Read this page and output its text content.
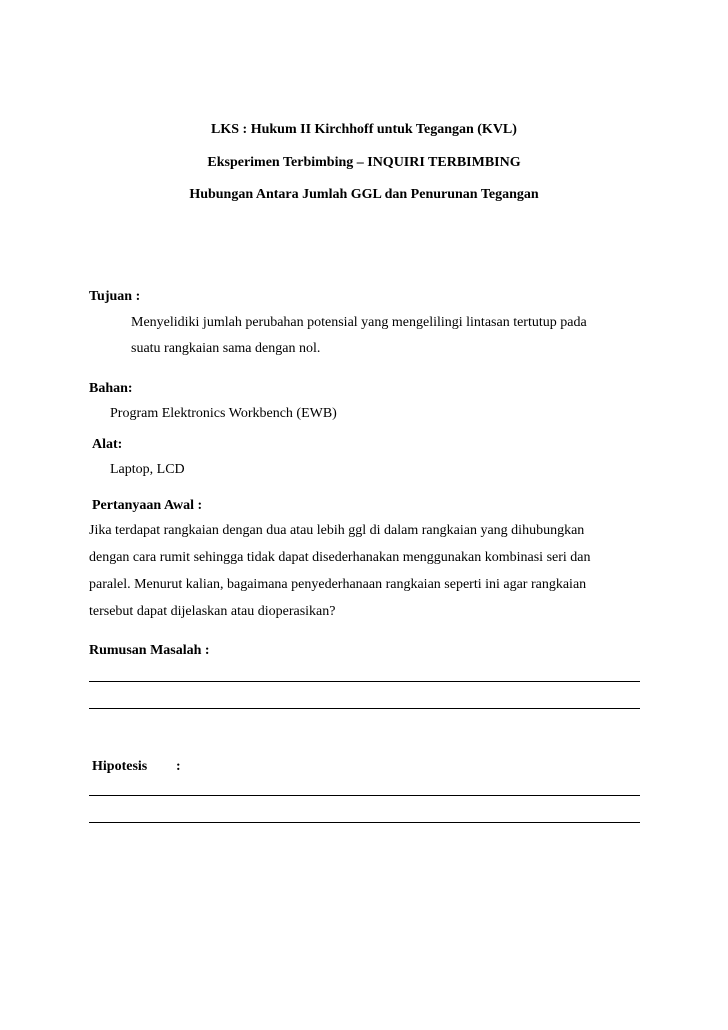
LKS : Hukum II Kirchhoff untuk Tegangan (KVL)
Eksperimen Terbimbing – INQUIRI TERBIMBING
Hubungan Antara Jumlah GGL dan Penurunan Tegangan
Tujuan :
Menyelidiki jumlah perubahan potensial yang mengelilingi lintasan tertutup pada
suatu rangkaian sama dengan nol.
Bahan:
Program Elektronics Workbench (EWB)
Alat:
Laptop, LCD
Pertanyaan Awal :
Jika terdapat rangkaian dengan dua atau lebih ggl di dalam rangkaian yang dihubungkan
dengan cara rumit sehingga tidak dapat disederhanakan menggunakan kombinasi seri dan
paralel. Menurut kalian, bagaimana penyederhanaan rangkaian seperti ini agar rangkaian
tersebut dapat dijelaskan atau dioperasikan?
Rumusan Masalah :
Hipotesis :
